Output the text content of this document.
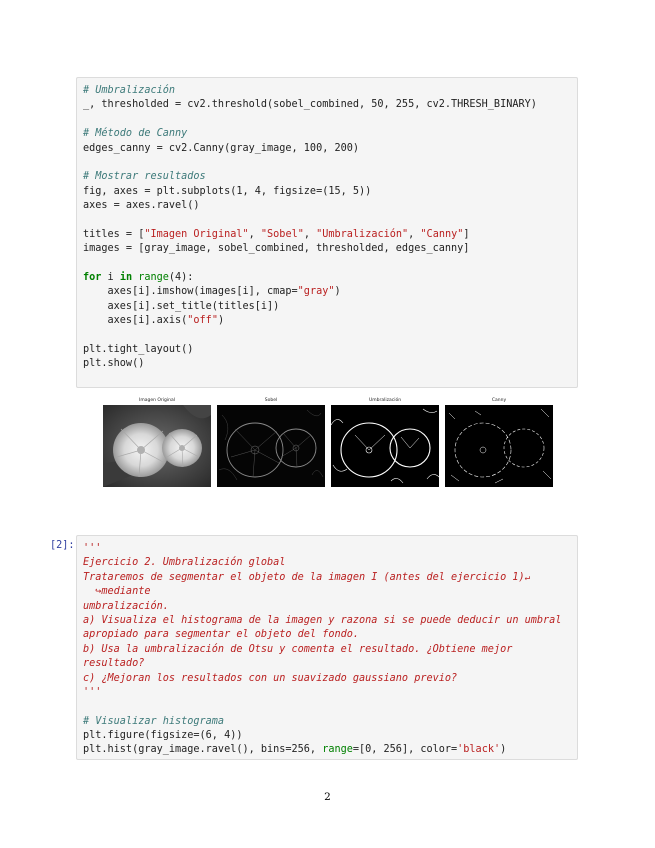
# Umbralización
_, thresholded = cv2.threshold(sobel_combined, 50, 255, cv2.THRESH_BINARY)
# Método de Canny
edges_canny = cv2.Canny(gray_image, 100, 200)
# Mostrar resultados
fig, axes = plt.subplots(1, 4, figsize=(15, 5))
axes = axes.ravel()
titles = ["Imagen Original", "Sobel", "Umbralización", "Canny"]
images = [gray_image, sobel_combined, thresholded, edges_canny]
for i in range(4):
axes[i].imshow(images[i], cmap="gray")
axes[i].set_title(titles[i])
axes[i].axis("off")
plt.tight_layout()
plt.show()
Imagen Original	Sobel	Umbralización	Canny
[2]: '''
Ejercicio 2. Umbralización global
Trataremos de segmentar el objeto de la imagen I (antes del ejercicio 1)↵
↪mediante
umbralización.
a) Visualiza el histograma de la imagen y razona si se puede deducir un umbral
apropiado para segmentar el objeto del fondo.
b) Usa la umbralización de Otsu y comenta el resultado. ¿Obtiene mejor
resultado?
c) ¿Mejoran los resultados con un suavizado gaussiano previo?
'''
# Visualizar histograma
plt.figure(figsize=(6, 4))
plt.hist(gray_image.ravel(), bins=256, range=[0, 256], color='black')
2
